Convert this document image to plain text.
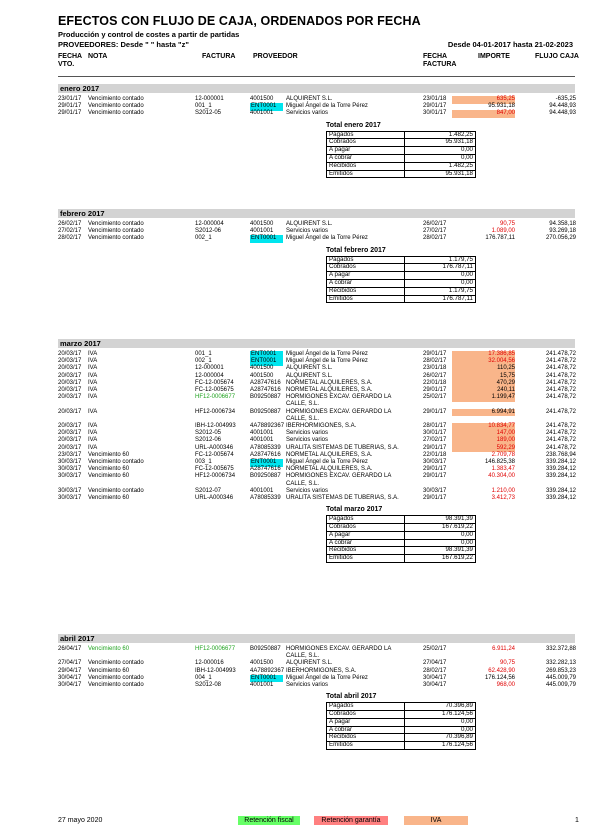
EFECTOS CON FLUJO DE CAJA, ORDENADOS POR FECHA
Producción y control de costes a partir de partidas
PROVEEDORES: Desde " " hasta "z"	Desde 04-01-2017 hasta 21-02-2023
FECHA
VTO.
NOTA	FACTURA	PROVEEDOR	FECHA
FACTURA
IMPORTE	FLUJO CAJA
enero 2017
23/01/17 Vencimiento contado	12-000001	4001500 ALQUIRENT S.L.	23/01/18	635,25	-635,25
29/01/17 Vencimiento contado	001_1	ENT0001	Miguel Ángel de la Torre Pérez	29/01/17	95.931,18	94.448,93
29/01/17 Vencimiento contado	S2012-05	4001001 Servicios varios	30/01/17	847,00	94.448,93
Total enero 2017
Pagados	1.482,25
Cobrados	95.931,18
A pagar	0,00
A cobrar	0,00
Recibidos	1.482,25
Emitidos	95.931,18
febrero 2017
26/02/17 Vencimiento contado	12-000004	4001500 ALQUIRENT S.L.	26/02/17	90,75	94.358,18
27/02/17 Vencimiento contado	S2012-06	4001001 Servicios varios	27/02/17	1.089,00	93.269,18
28/02/17 Vencimiento contado	002_1	ENT0001	Miguel Ángel de la Torre Pérez	28/02/17	176.787,11	270.056,29
Total febrero 2017
Pagados	1.179,75
Cobrados	176.787,11
A pagar	0,00
A cobrar	0,00
Recibidos	1.179,75
Emitidos	176.787,11
marzo 2017
20/03/17 IVA	001_1	ENT0001	Miguel Ángel de la Torre Pérez	29/01/17	17.386,85	241.478,72
20/03/17 IVA	002_1	ENT0001	Miguel Ángel de la Torre Pérez	28/02/17	32.004,56	241.478,72
20/03/17 IVA	12-000001	4001500 ALQUIRENT S.L.	23/01/18	110,25	241.478,72
20/03/17 IVA	12-000004	4001500 ALQUIRENT S.L.	26/02/17	15,75	241.478,72
20/03/17 IVA	FC-12-005674	A28747616 NORMETAL ALQUILERES, S.A.	22/01/18	470,29	241.478,72
20/03/17 IVA	FC-12-005675	A28747616 NORMETAL ALQUILERES, S.A.	29/01/17	240,11	241.478,72
20/03/17 IVA	HF12-0006677 B09250887 HORMIGONES EXCAV. GERARDO LA	25/02/17	1.199,47	241.478,72
CALLE, S.L.
20/03/17 IVA	HF12-0006734 B09250887 HORMIGONES EXCAV. GERARDO LA	29/01/17	6.994,91	241.478,72
CALLE, S.L.
20/03/17 IVA	IBH-12-004993 4A78892367 IBERHORMIGONES, S.A.	28/01/17	10.834,77	241.478,72
20/03/17 IVA	S2012-05	4001001 Servicios varios	30/01/17	147,00	241.478,72
20/03/17 IVA	S2012-06	4001001 Servicios varios	27/02/17	189,00	241.478,72
20/03/17 IVA	URL-A000346	A78085339 URALITA SISTEMAS DE TUBERIAS, S.A.	29/01/17	592,29	241.478,72
23/03/17 Vencimiento 60	FC-12-005674	A28747616 NORMETAL ALQUILERES, S.A.	22/01/18	2.709,78	238.768,94
30/03/17 Vencimiento contado	003_1	ENT0001	Miguel Ángel de la Torre Pérez	30/03/17	146.825,38	339.284,12
30/03/17 Vencimiento 60	FC-12-005675	A28747616 NORMETAL ALQUILERES, S.A.	29/01/17	1.383,47	339.284,12
30/03/17 Vencimiento 60	HF12-0006734 B09250887 HORMIGONES EXCAV. GERARDO LA	29/01/17	40.304,00	339.284,12
CALLE, S.L.
30/03/17 Vencimiento contado	S2012-07	4001001 Servicios varios	30/03/17	1.210,00	339.284,12
30/03/17 Vencimiento 60	URL-A000346	A78085339 URALITA SISTEMAS DE TUBERIAS, S.A.	29/01/17	3.412,73	339.284,12
Total marzo 2017
Pagados	98.391,39
Cobrados	167.619,22
A pagar	0,00
A cobrar	0,00
Recibidos	98.391,39
Emitidos	167.619,22
abril 2017
26/04/17 Vencimiento 60	HF12-0006677 B09250887 HORMIGONES EXCAV. GERARDO LA	25/02/17	6.911,24	332.372,88
CALLE, S.L.
27/04/17 Vencimiento contado	12-000016	4001500 ALQUIRENT S.L.	27/04/17	90,75	332.282,13
29/04/17 Vencimiento 60	IBH-12-004993 4A78892367 IBERHORMIGONES, S.A.	28/02/17	62.428,90	269.853,23
30/04/17 Vencimiento contado	004_1	ENT0001	Miguel Ángel de la Torre Pérez	30/04/17	176.124,56	445.009,79
30/04/17 Vencimiento contado	S2012-08	4001001 Servicios varios	30/04/17	968,00	445.009,79
Total abril 2017
Pagados	70.396,89
Cobrados	176.124,56
A pagar	0,00
A cobrar	0,00
Recibidos	70.396,89
Emitidos	176.124,56
27 mayo 2020	Retención fiscal	Retención garantía	IVA	1
